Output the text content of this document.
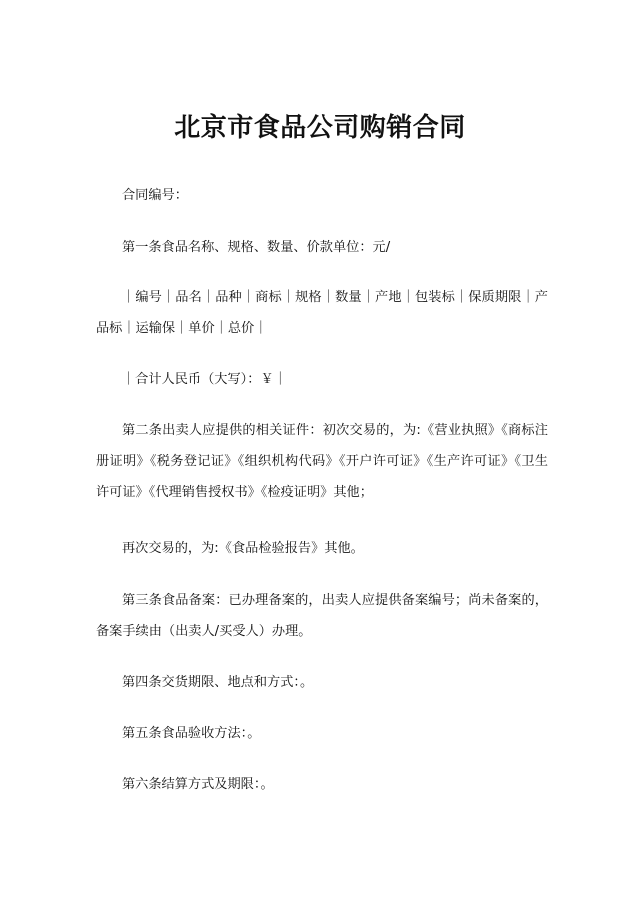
北京市食品公司购销合同

合同编号：

第一条食品名称、规格、数量、价款单位：元/

｜编号｜品名｜品种｜商标｜规格｜数量｜产地｜包装标｜保质期限｜产品标｜运输保｜单价｜总价｜

｜合计人民币（大写）：￥｜

第二条出卖人应提供的相关证件：初次交易的，为:《营业执照》《商标注册证明》《税务登记证》《组织机构代码》《开户许可证》《生产许可证》《卫生许可证》《代理销售授权书》《检疫证明》其他；

再次交易的，为:《食品检验报告》其他。

第三条食品备案：已办理备案的，出卖人应提供备案编号；尚未备案的，备案手续由（出卖人/买受人）办理。

第四条交货期限、地点和方式：。

第五条食品验收方法：。

第六条结算方式及期限：。
